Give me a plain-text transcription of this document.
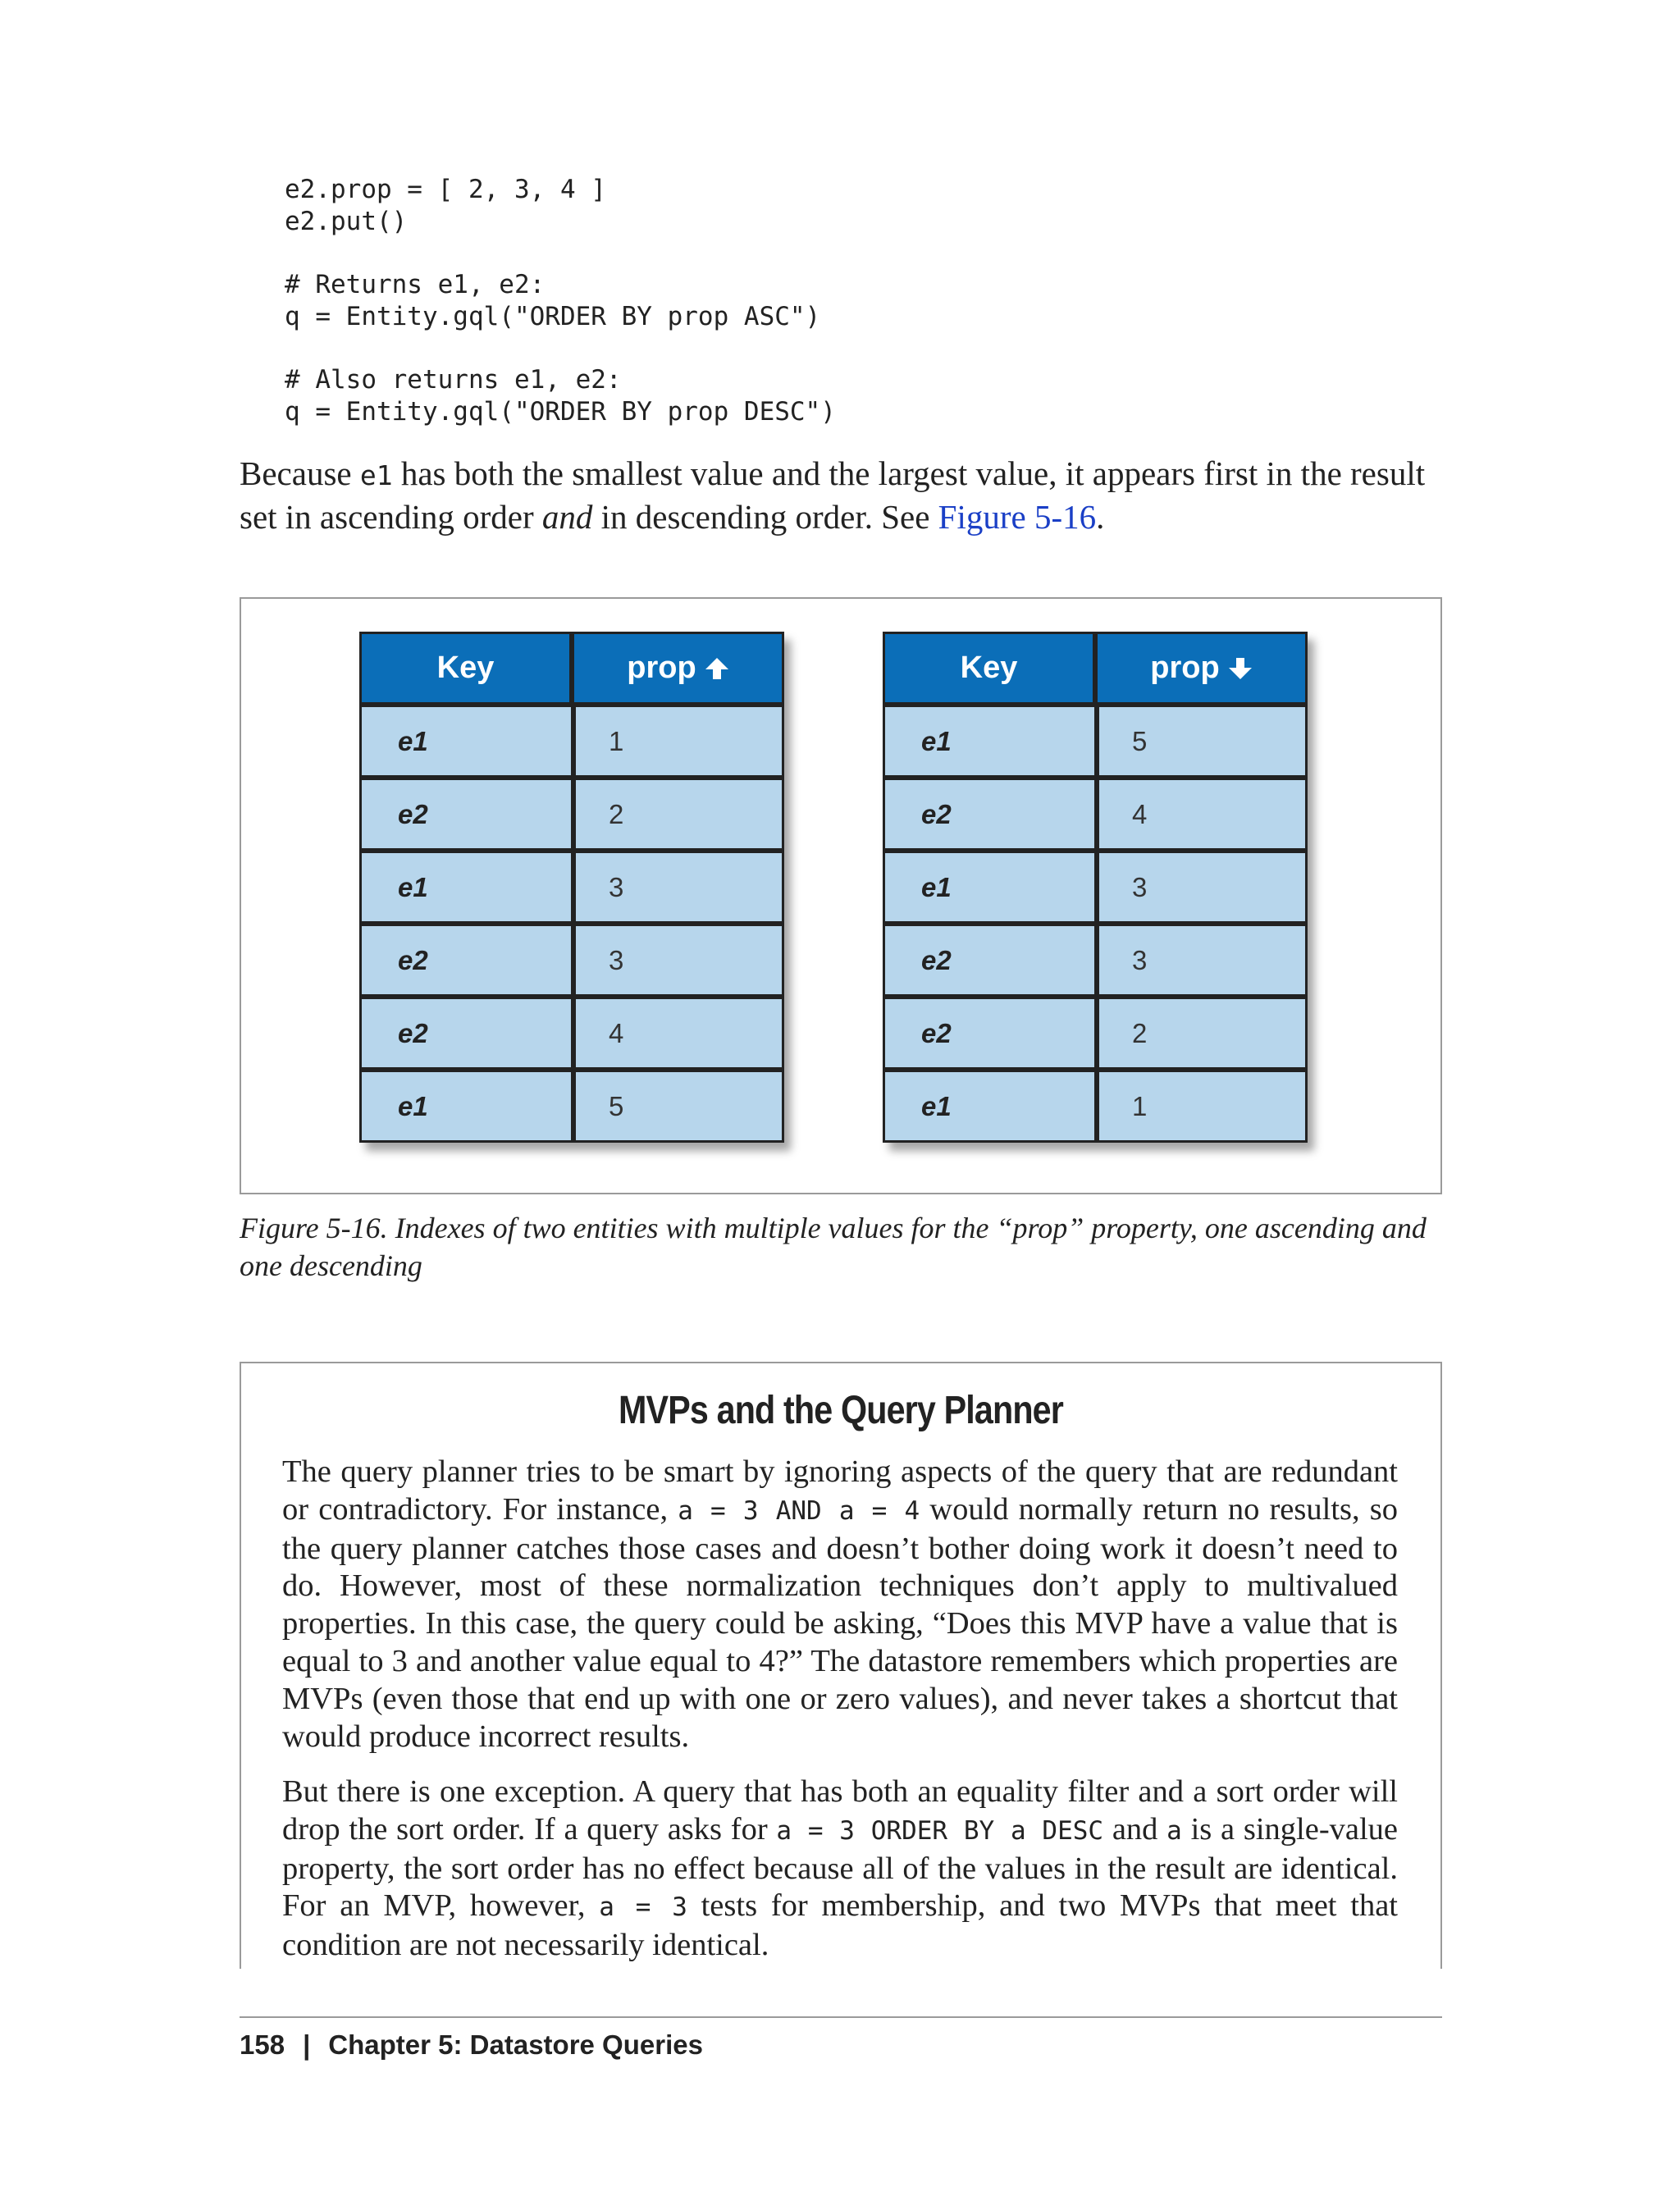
e2.prop = [ 2, 3, 4 ]
e2.put()
# Returns e1, e2:
q = Entity.gql("ORDER BY prop ASC")
# Also returns e1, e2:
q = Entity.gql("ORDER BY prop DESC")

Because e1 has both the smallest value and the largest value, it appears first in the result set in ascending order and in descending order. See Figure 5-16.

Key	prop
e1	1
e2	2
e1	3
e2	3
e2	4
e1	5
Key	prop
e1	5
e2	4
e1	3
e2	3
e2	2
e1	1
Figure 5-16. Indexes of two entities with multiple values for the “prop” property, one ascending and one descending
MVPs and the Query Planner

The query planner tries to be smart by ignoring aspects of the query that are redundant or contradictory. For instance, a = 3 AND a = 4 would normally return no results, so the query planner catches those cases and doesn’t bother doing work it doesn’t need to do. However, most of these normalization techniques don’t apply to multivalued properties. In this case, the query could be asking, “Does this MVP have a value that is equal to 3 and another value equal to 4?” The datastore remembers which properties are MVPs (even those that end up with one or zero values), and never takes a shortcut that would produce incorrect results.

But there is one exception. A query that has both an equality filter and a sort order will drop the sort order. If a query asks for a = 3 ORDER BY a DESC and a is a single-value property, the sort order has no effect because all of the values in the result are identical. For an MVP, however, a = 3 tests for membership, and two MVPs that meet that condition are not necessarily identical.

158 | Chapter 5: Datastore Queries
